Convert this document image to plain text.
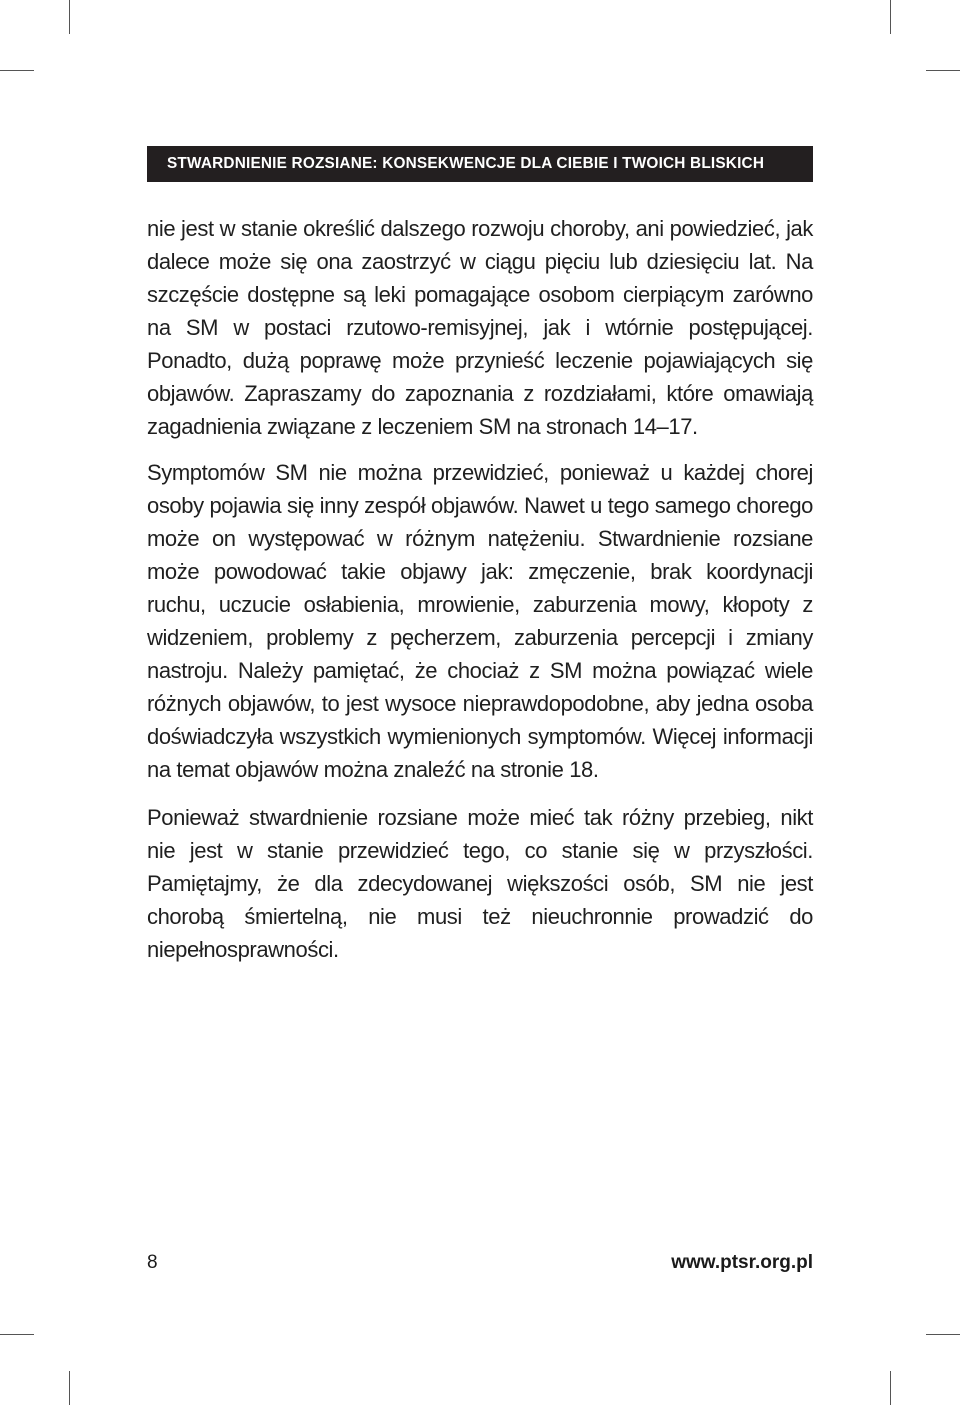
STWARDNIENIE ROZSIANE: KONSEKWENCJE DLA CIEBIE I TWOICH BLISKICH

nie jest w stanie określić dalszego rozwoju choroby, ani powiedzieć, jak dalece może się ona zaostrzyć w ciągu pięciu lub dziesięciu lat. Na szczęście dostępne są leki pomagające osobom cierpiącym zarówno na SM w postaci rzutowo-remisyjnej, jak i wtórnie postępującej. Ponadto, dużą poprawę może przynieść leczenie pojawiających się objawów. Zapraszamy do zapoznania z rozdziałami, które omawiają zagadnienia związane z leczeniem SM na stronach 14–17.

Symptomów SM nie można przewidzieć, ponieważ u każdej chorej osoby pojawia się inny zespół objawów. Nawet u tego samego chorego może on występować w różnym natężeniu. Stwardnienie rozsiane może powodować takie objawy jak: zmęczenie, brak koordynacji ruchu, uczucie osłabienia, mrowienie, zaburzenia mowy, kłopoty z widzeniem, problemy z pęcherzem, zaburzenia percepcji i zmiany nastroju. Należy pamiętać, że chociaż z SM można powiązać wiele różnych objawów, to jest wysoce nieprawdopodobne, aby jedna osoba doświadczyła wszystkich wymienionych symptomów. Więcej informacji na temat objawów można znaleźć na stronie 18.

Ponieważ stwardnienie rozsiane może mieć tak różny przebieg, nikt nie jest w stanie przewidzieć tego, co stanie się w przyszłości. Pamiętajmy, że dla zdecydowanej większości osób, SM nie jest chorobą śmiertelną, nie musi też nieuchronnie prowadzić do niepełnosprawności.

8	www.ptsr.org.pl
